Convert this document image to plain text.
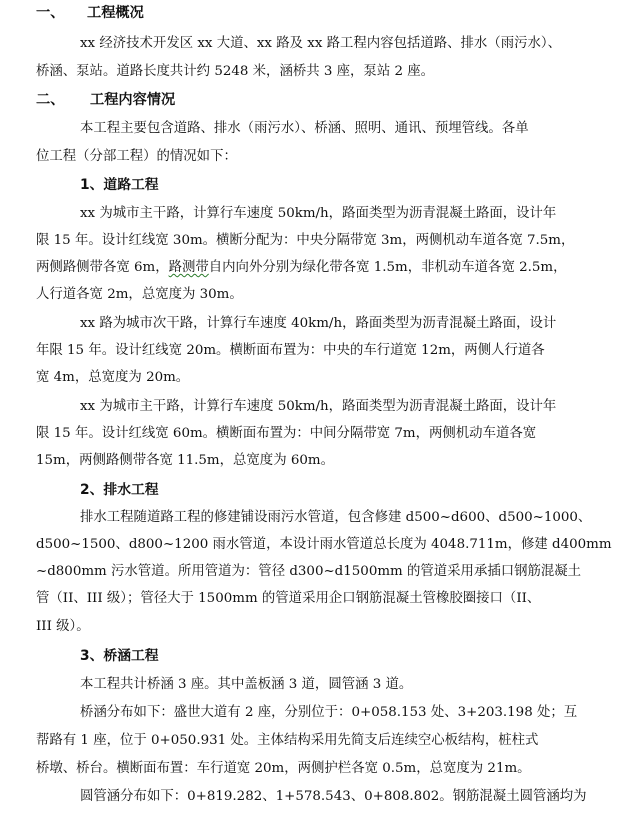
一、 工程概况
xx 经济技术开发区 xx 大道、xx 路及 xx 路工程内容包括道路、排水（雨污水）、
桥涵、泵站。道路长度共计约 5248 米，涵桥共 3 座，泵站 2 座。
二、 工程内容情况
本工程主要包含道路、排水（雨污水）、桥涵、照明、通讯、预埋管线。各单
位工程（分部工程）的情况如下：
1、道路工程
xx 为城市主干路，计算行车速度 50km/h，路面类型为沥青混凝土路面，设计年
限 15 年。设计红线宽 30m。横断分配为：中央分隔带宽 3m，两侧机动车道各宽 7.5m，
两侧路侧带各宽 6m，路测带自内向外分别为绿化带各宽 1.5m，非机动车道各宽 2.5m，
人行道各宽 2m，总宽度为 30m。
xx 路为城市次干路，计算行车速度 40km/h，路面类型为沥青混凝土路面，设计
年限 15 年。设计红线宽 20m。横断面布置为：中央的车行道宽 12m，两侧人行道各
宽 4m，总宽度为 20m。
xx 为城市主干路，计算行车速度 50km/h，路面类型为沥青混凝土路面，设计年
限 15 年。设计红线宽 60m。横断面布置为：中间分隔带宽 7m，两侧机动车道各宽
15m，两侧路侧带各宽 11.5m，总宽度为 60m。
2、排水工程
排水工程随道路工程的修建铺设雨污水管道，包含修建 d500~d600、d500~1000、
d500~1500、d800~1200 雨水管道，本设计雨水管道总长度为 4048.711m，修建 d400mm
~d800mm 污水管道。所用管道为：管径 d300~d1500mm 的管道采用承插口钢筋混凝土
管（II、III 级）；管径大于 1500mm 的管道采用企口钢筋混凝土管橡胶圈接口（II、
III 级）。
3、桥涵工程
本工程共计桥涵 3 座。其中盖板涵 3 道，圆管涵 3 道。
桥涵分布如下：盛世大道有 2 座，分别位于：0+058.153 处、3+203.198 处；互
帮路有 1 座，位于 0+050.931 处。主体结构采用先简支后连续空心板结构，桩柱式
桥墩、桥台。横断面布置：车行道宽 20m，两侧护栏各宽 0.5m，总宽度为 21m。
圆管涵分布如下：0+819.282、1+578.543、0+808.802。钢筋混凝土圆管涵均为
